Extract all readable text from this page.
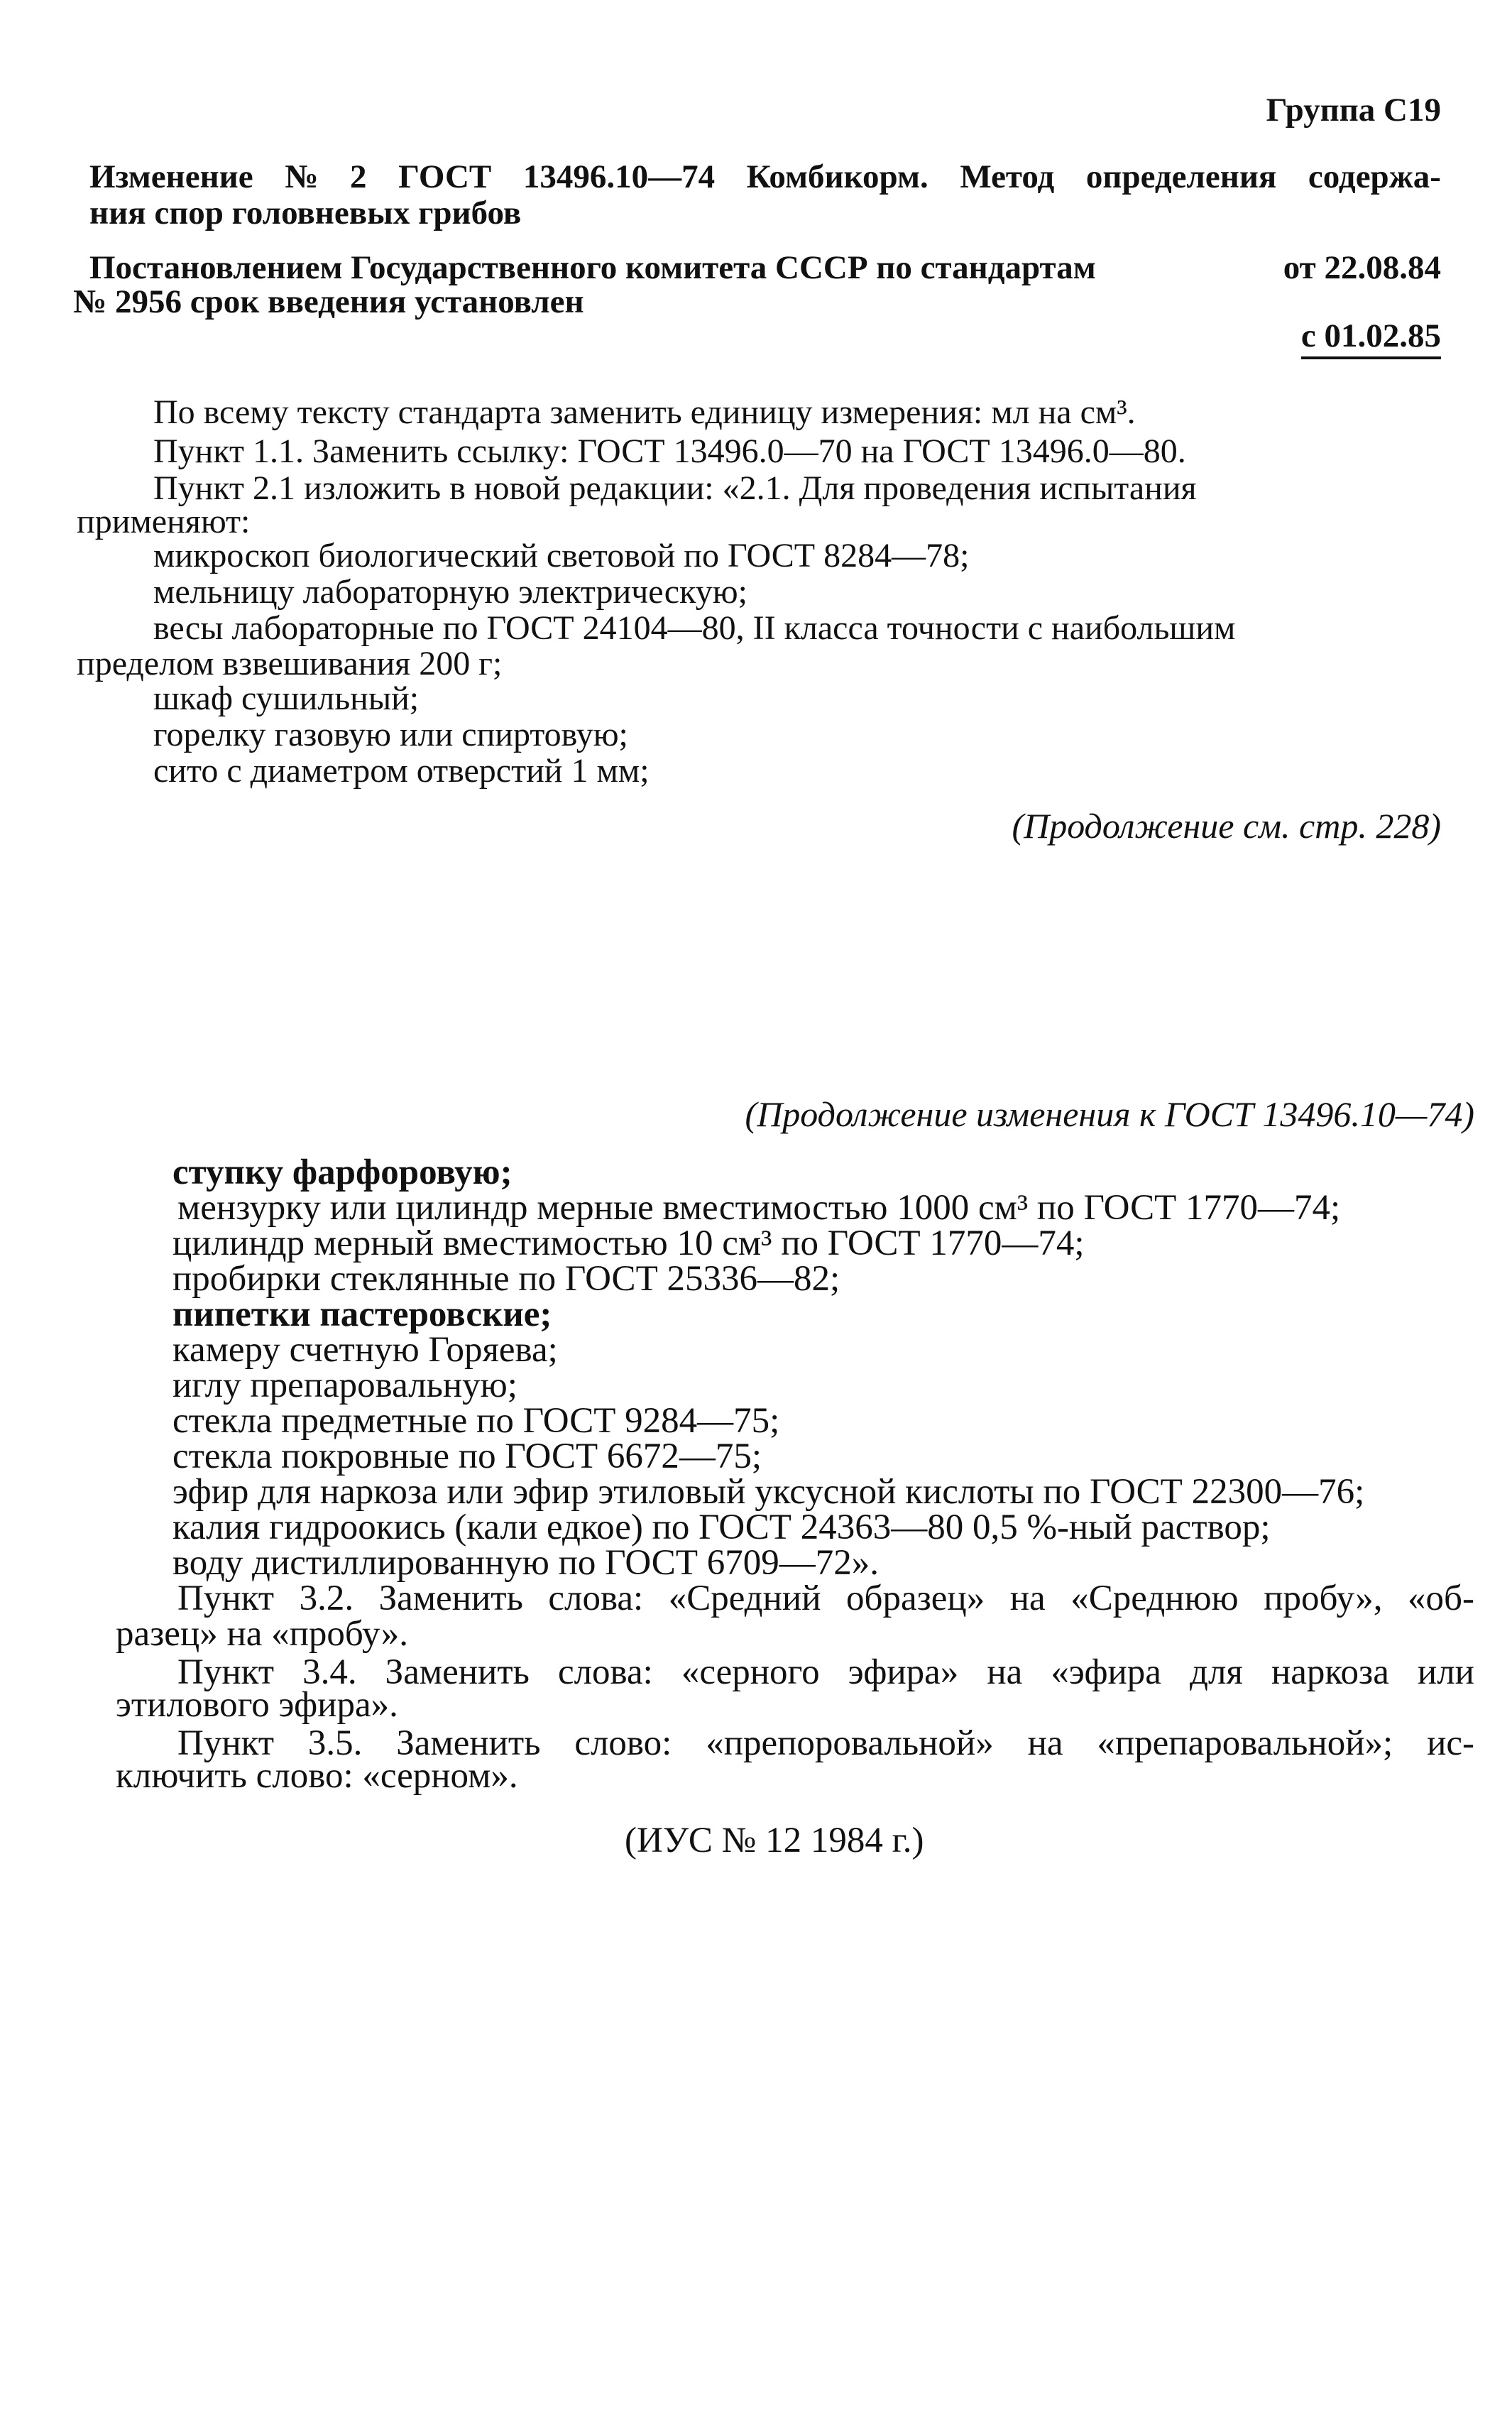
Группа С19
Изменение № 2 ГОСТ 13496.10—74 Комбикорм. Метод определения содержа-
ния спор головневых грибов
Постановлением Государственного комитета СССР по стандартам	от 22.08.84
№ 2956 срок введения установлен
с 01.02.85
По всему тексту стандарта заменить единицу измерения: мл на см³.
Пункт 1.1. Заменить ссылку: ГОСТ 13496.0—70 на ГОСТ 13496.0—80.
Пункт 2.1 изложить в новой редакции: «2.1. Для проведения испытания
применяют:
микроскоп биологический световой по ГОСТ 8284—78;
мельницу лабораторную электрическую;
весы лабораторные по ГОСТ 24104—80, II класса точности с наибольшим
пределом взвешивания 200 г;
шкаф сушильный;
горелку газовую или спиртовую;
сито с диаметром отверстий 1 мм;
(Продолжение см. стр. 228)
(Продолжение изменения к ГОСТ 13496.10—74)
ступку фарфоровую;
мензурку или цилиндр мерные вместимостью 1000 см³ по ГОСТ 1770—74;
цилиндр мерный вместимостью 10 см³ по ГОСТ 1770—74;
пробирки стеклянные по ГОСТ 25336—82;
пипетки пастеровские;
камеру счетную Горяева;
иглу препаровальную;
стекла предметные по ГОСТ 9284—75;
стекла покровные по ГОСТ 6672—75;
эфир для наркоза или эфир этиловый уксусной кислоты по ГОСТ 22300—76;
калия гидроокись (кали едкое) по ГОСТ 24363—80 0,5 %-ный раствор;
воду дистиллированную по ГОСТ 6709—72».
Пункт 3.2. Заменить слова: «Средний образец» на «Среднюю пробу», «об-
разец» на «пробу».
Пункт 3.4. Заменить слова: «серного эфира» на «эфира для наркоза или
этилового эфира».
Пункт 3.5. Заменить слово: «препоровальной» на «препаровальной»; ис-
ключить слово: «серном».
(ИУС № 12 1984 г.)
